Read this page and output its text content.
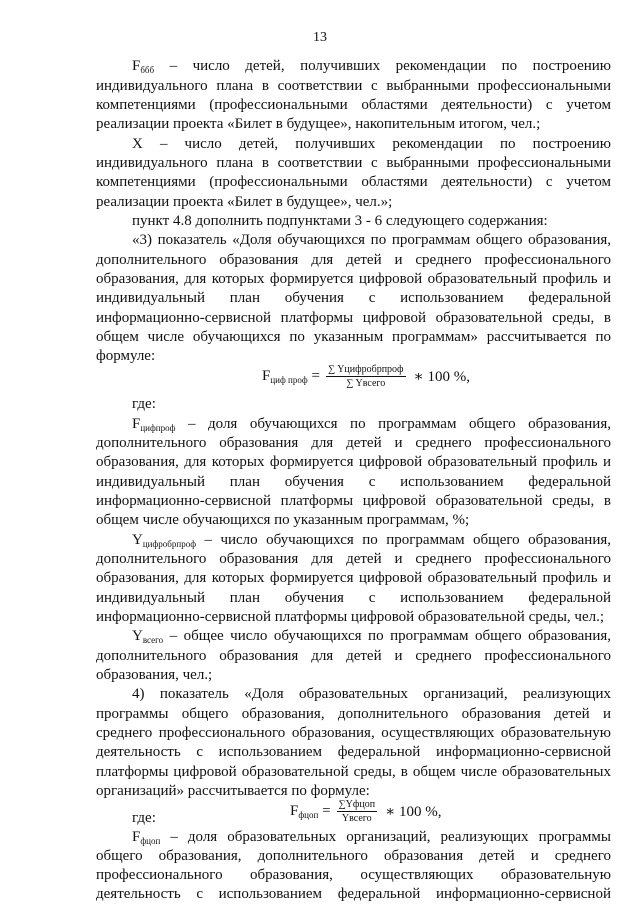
13
$F_{ббб}$ – число детей, получивших рекомендации по построению
индивидуального плана в соответствии с выбранными профессиональными
компетенциями (профессиональными областями деятельности) с учетом
реализации проекта «Билет в будущее», накопительным итогом, чел.;
X – число детей, получивших рекомендации по построению
индивидуального плана в соответствии с выбранными профессиональными
компетенциями (профессиональными областями деятельности) с учетом
реализации проекта «Билет в будущее», чел.»;
пункт 4.8 дополнить подпунктами 3 - 6 следующего содержания:
«3) показатель «Доля обучающихся по программам общего образования,
дополнительного образования для детей и среднего профессионального
образования, для которых формируется цифровой образовательный профиль и
индивидуальный план обучения с использованием федеральной
информационно-сервисной платформы цифровой образовательной среды, в
общем числе обучающихся по указанным программам» рассчитывается по
формуле:
$F_{циф проф} = \frac{\text{∑ Yцифробрпроф}}{\text{∑ Yвсего}}$ ∗ 100 %,
где:
$F_{цифпроф}$ – доля обучающихся по программам общего образования,
дополнительного образования для детей и среднего профессионального
образования, для которых формируется цифровой образовательный профиль и
индивидуальный план обучения с использованием федеральной
информационно-сервисной платформы цифровой образовательной среды, в
общем числе обучающихся по указанным программам, %;
$Y_{цифробрпроф}$ – число обучающихся по программам общего образования,
дополнительного образования для детей и среднего профессионального
образования, для которых формируется цифровой образовательный профиль и
индивидуальный план обучения с использованием федеральной
информационно-сервисной платформы цифровой образовательной среды, чел.;
$Y_{всего}$ – общее число обучающихся по программам общего образования,
дополнительного образования для детей и среднего профессионального
образования, чел.;
4) показатель «Доля образовательных организаций, реализующих
программы общего образования, дополнительного образования детей и
среднего профессионального образования, осуществляющих образовательную
деятельность с использованием федеральной информационно-сервисной
платформы цифровой образовательной среды, в общем числе образовательных
организаций» рассчитывается по формуле:
$F_{фцоп} = \frac{\text{∑Yфцоп}}{\text{Yвсего}}$ ∗ 100 %,
где:
$F_{фцоп}$ – доля образовательных организаций, реализующих программы
общего образования, дополнительного образования детей и среднего
профессионального образования, осуществляющих образовательную
деятельность с использованием федеральной информационно-сервисной
